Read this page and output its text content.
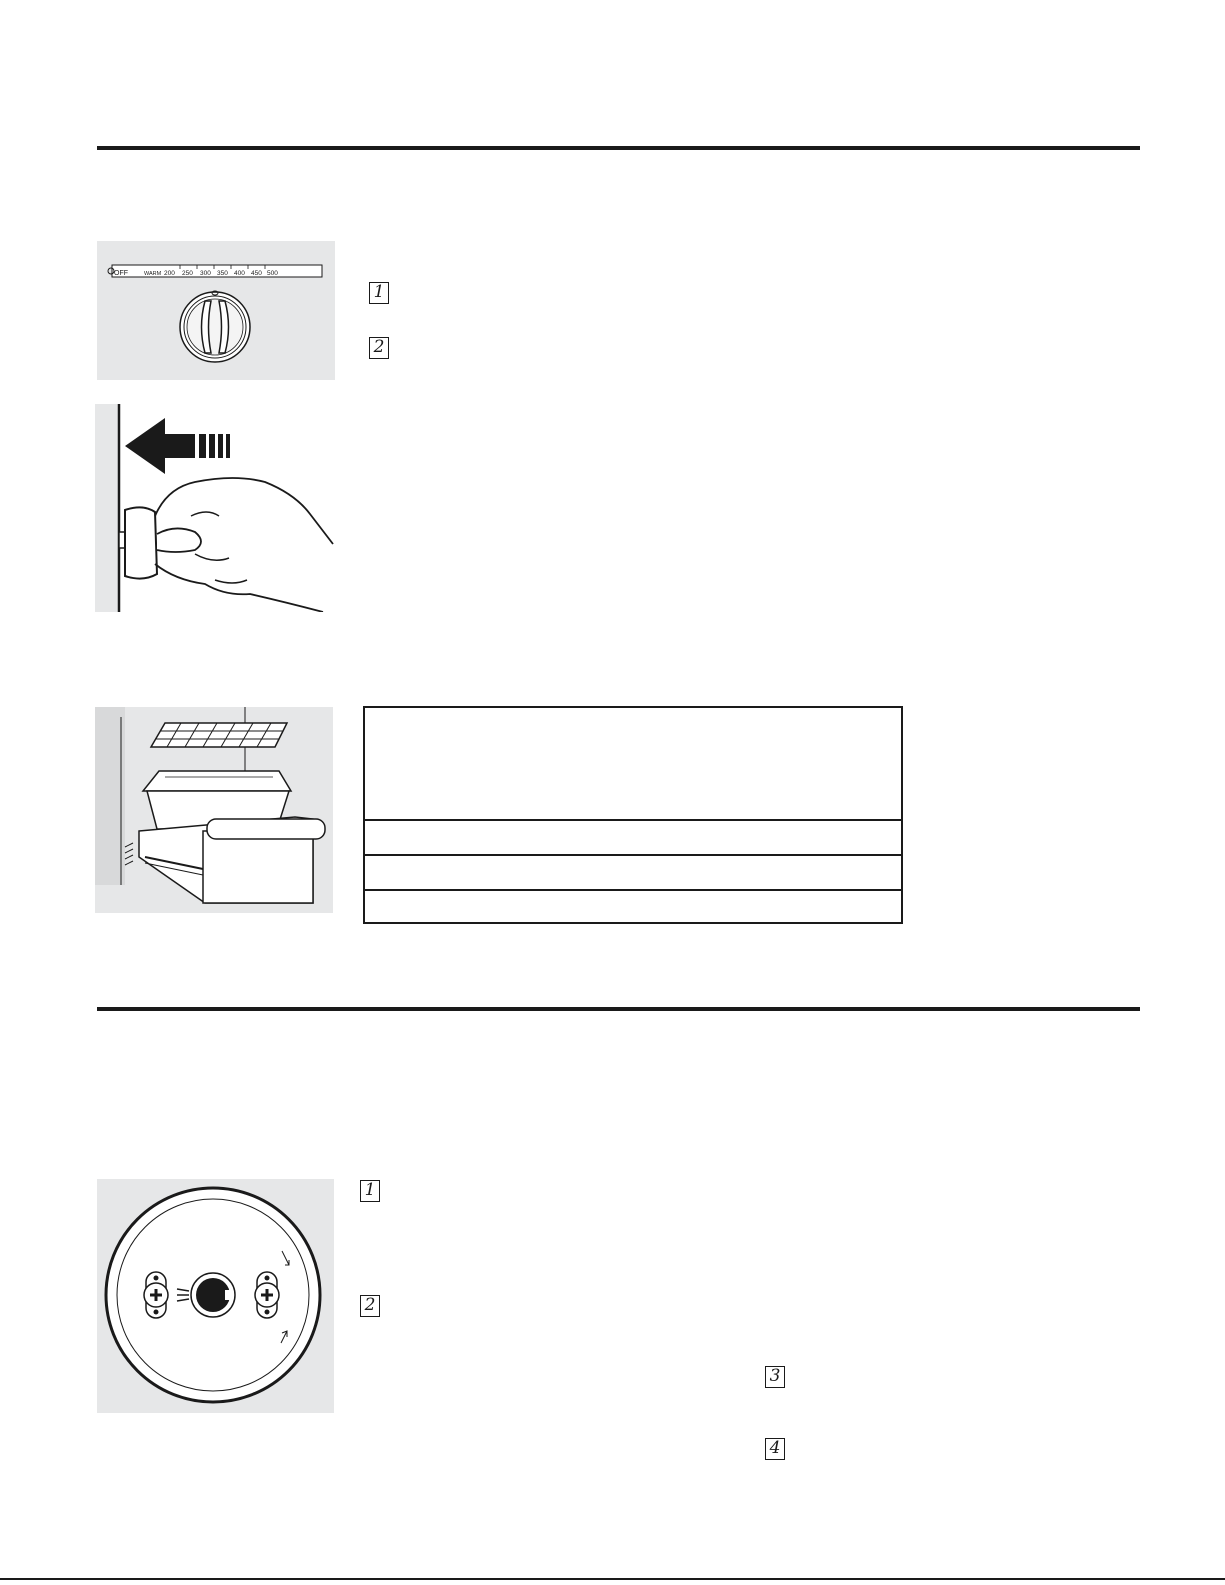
OFF	WARM 200 250 300 350 400 450 500
1
2
1
2
3
4
